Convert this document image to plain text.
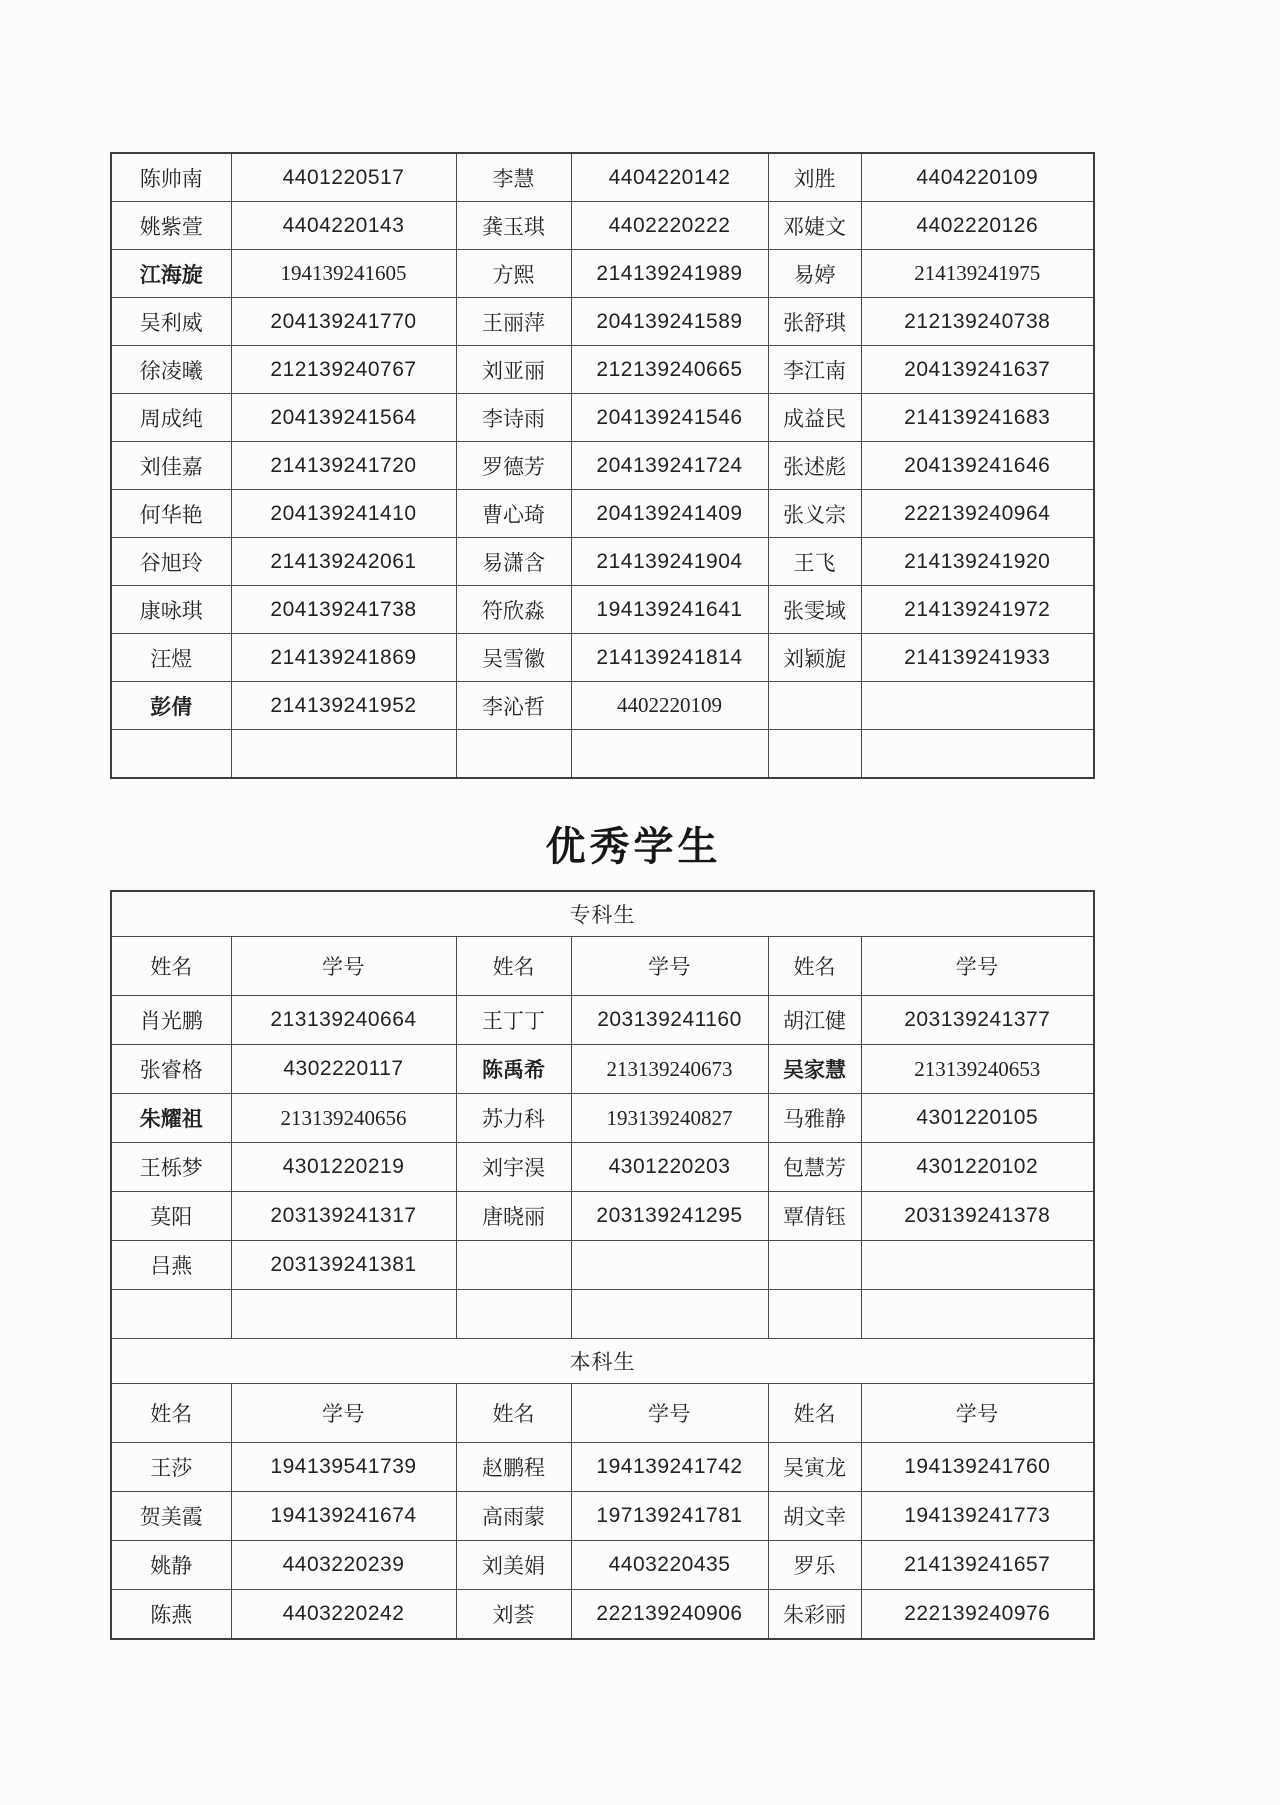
陈帅南	4401220517	李慧	4404220142	刘胜	4404220109
姚紫萱	4404220143	龚玉琪	4402220222	邓婕文	4402220126
江海旋	194139241605	方熙	214139241989	易婷	214139241975
吴利威	204139241770	王丽萍	204139241589	张舒琪	212139240738
徐凌曦	212139240767	刘亚丽	212139240665	李江南	204139241637
周成纯	204139241564	李诗雨	204139241546	成益民	214139241683
刘佳嘉	214139241720	罗德芳	204139241724	张述彪	204139241646
何华艳	204139241410	曹心琦	204139241409	张义宗	222139240964
谷旭玲	214139242061	易潇含	214139241904	王飞	214139241920
康咏琪	204139241738	符欣淼	194139241641	张雯域	214139241972
汪煜	214139241869	吴雪徽	214139241814	刘颖旎	214139241933
彭倩	214139241952	李沁哲	4402220109		

优秀学生
专科生					
姓名	学号	姓名	学号	姓名	学号
肖光鹏	213139240664	王丁丁	203139241160	胡江健	203139241377
张睿格	4302220117	陈禹希	213139240673	吴家慧	213139240653
朱耀祖	213139240656	苏力科	193139240827	马雅静	4301220105
王栎梦	4301220219	刘宇淏	4301220203	包慧芳	4301220102
莫阳	203139241317	唐晓丽	203139241295	覃倩钰	203139241378
吕燕	203139241381				

本科生					
姓名	学号	姓名	学号	姓名	学号
王莎	194139541739	赵鹏程	194139241742	吴寅龙	194139241760
贺美霞	194139241674	高雨蒙	197139241781	胡文幸	194139241773
姚静	4403220239	刘美娟	4403220435	罗乐	214139241657
陈燕	4403220242	刘荟	222139240906	朱彩丽	222139240976
